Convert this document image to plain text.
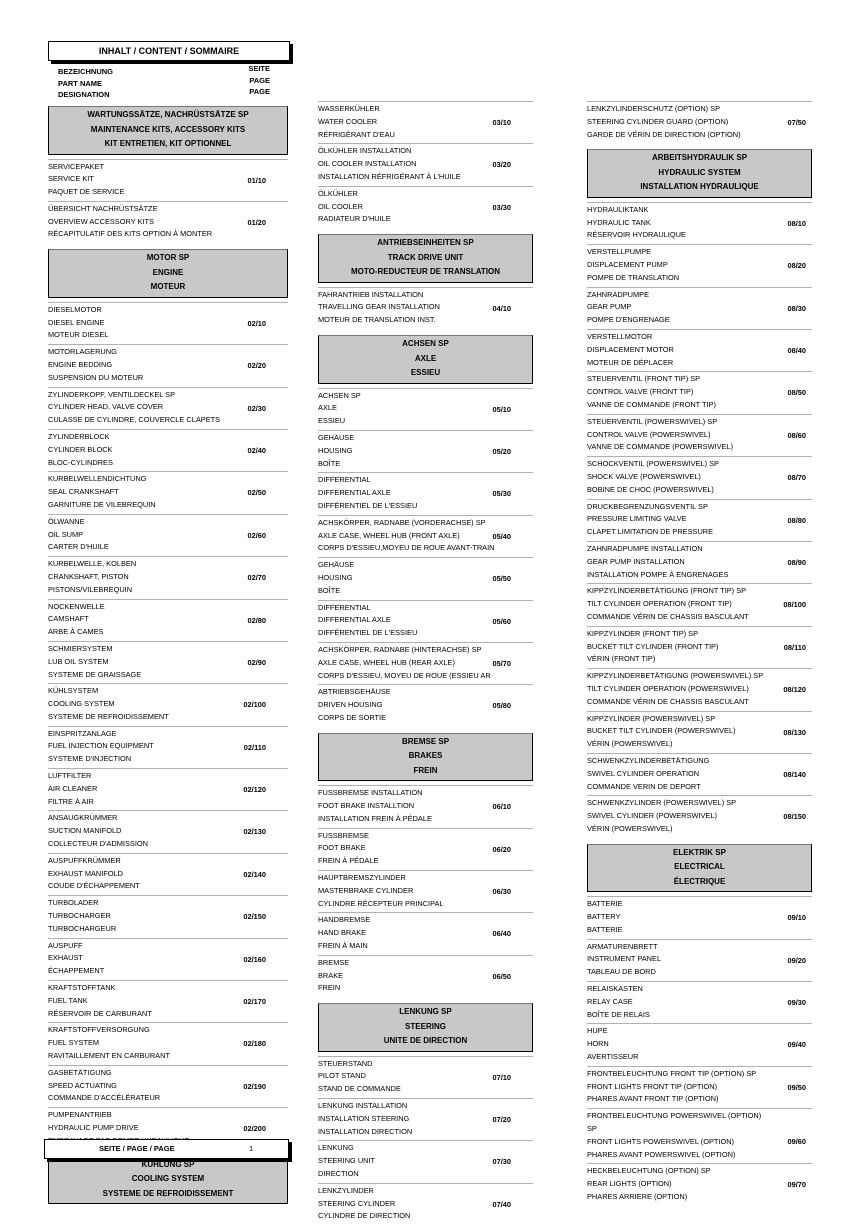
INHALT / CONTENT / SOMMAIRE
BEZEICHNUNG	SEITE
PART NAME	PAGE
DESIGNATION	PAGE
WARTUNGSSÄTZE, NACHRÜSTSÄTZE SP
MAINTENANCE KITS, ACCESSORY KITS
KIT ENTRETIEN, KIT OPTIONNEL
SERVICEPAKET
SERVICE KIT
PAQUET DE SERVICE
01/10
ÜBERSICHT NACHRÜSTSÄTZE
OVERVIEW ACCESSORY KITS
RÉCAPITULATIF DES KITS OPTION À MONTER
01/20
MOTOR SP
ENGINE
MOTEUR
DIESELMOTOR
DIESEL ENGINE
MOTEUR DIESEL
02/10
MOTORLAGERUNG
ENGINE BEDDING
SUSPENSION DU MOTEUR
02/20
ZYLINDERKOPF, VENTILDECKEL SP
CYLINDER HEAD, VALVE COVER
CULASSE DE CYLINDRE, COUVERCLE CLAPETS
02/30
ZYLINDERBLOCK
CYLINDER BLOCK
BLOC-CYLINDRES
02/40
KURBELWELLENDICHTUNG
SEAL CRANKSHAFT
GARNITURE DE VILEBREQUIN
02/50
ÖLWANNE
OIL SUMP
CARTER D'HUILE
02/60
KURBELWELLE, KOLBEN
CRANKSHAFT, PISTON
PISTONS/VILEBREQUIN
02/70
NOCKENWELLE
CAMSHAFT
ARBE À CAMES
02/80
SCHMIERSYSTEM
LUB OIL SYSTEM
SYSTEME DE GRAISSAGE
02/90
KÜHLSYSTEM
COOLING SYSTEM
SYSTEME DE REFROIDISSEMENT
02/100
EINSPRITZANLAGE
FUEL INJECTION EQUIPMENT
SYSTEME D'INJECTION
02/110
LUFTFILTER
AIR CLEANER
FILTRE À AIR
02/120
ANSAUGKRÜMMER
SUCTION MANIFOLD
COLLECTEUR D'ADMISSION
02/130
AUSPUFFKRÜMMER
EXHAUST MANIFOLD
COUDE D'ÉCHAPPEMENT
02/140
TURBOLADER
TURBOCHARGER
TURBOCHARGEUR
02/150
AUSPUFF
EXHAUST
ÉCHAPPEMENT
02/160
KRAFTSTOFFTANK
FUEL TANK
RÉSERVOIR DE CARBURANT
02/170
KRAFTSTOFFVERSORGUNG
FUEL SYSTEM
RAVITAILLEMENT EN CARBURANT
02/180
GASBETÄTIGUNG
SPEED ACTUATING
COMMANDE D'ACCÉLÉRATEUR
02/190
PUMPENANTRIEB
HYDRAULIC PUMP DRIVE	02/200
KÜHLUNG SP
COOLING SYSTEM
SYSTEME DE REFROIDISSEMENT
WASSERKÜHLER
WATER COOLER
RÉFRIGÉRANT D'EAU
03/10
ÖLKÜHLER INSTALLATION
OIL COOLER INSTALLATION
INSTALLATION RÉFRIGÉRANT À L'HUILE
03/20
ÖLKÜHLER
OIL COOLER
RADIATEUR D'HUILE
03/30
ANTRIEBSEINHEITEN SP
TRACK DRIVE UNIT
MOTO-REDUCTEUR DE TRANSLATION
FAHRANTRIEB INSTALLATION
TRAVELLING GEAR INSTALLATION
MOTEUR DE TRANSLATION INST.
04/10
ACHSEN SP
AXLE
ESSIEU
ACHSEN SP
AXLE
ESSIEU
05/10
GEHÄUSE
HOUSING
BOÎTE
05/20
DIFFERENTIAL
DIFFERENTIAL AXLE
DIFFÉRENTIEL DE L'ESSIEU
05/30
ACHSKÖRPER, RADNABE (VORDERACHSE) SP
AXLE CASE, WHEEL HUB (FRONT AXLE)
CORPS D'ESSIEU,MOYEU DE ROUE AVANT-TRAIN
05/40
GEHÄUSE
HOUSING
BOÎTE
05/50
DIFFERENTIAL
DIFFERENTIAL AXLE
DIFFÉRENTIEL DE L'ESSIEU
05/60
ACHSKÖRPER, RADNABE (HINTERACHSE) SP
AXLE CASE, WHEEL HUB (REAR AXLE)
CORPS D'ESSIEU, MOYEU DE ROUE (ESSIEU AR
05/70
ABTRIEBSGEHÄUSE
DRIVEN HOUSING
CORPS DE SORTIE
05/80
BREMSE SP
BRAKES
FREIN
FUSSBREMSE INSTALLATION
FOOT BRAKE INSTALLTION
INSTALLATION FREIN À PÉDALE
06/10
FUSSBREMSE
FOOT BRAKE
FREIN À PÉDALE
06/20
HAUPTBREMSZYLINDER
MASTERBRAKE CYLINDER
CYLINDRE RÉCEPTEUR PRINCIPAL
06/30
HANDBREMSE
HAND BRAKE
FREIN À MAIN
06/40
BREMSE
BRAKE
FREIN
06/50
LENKUNG SP
STEERING
UNITE DE DIRECTION
STEUERSTAND
PILOT STAND
STAND DE COMMANDE
07/10
LENKUNG INSTALLATION
INSTALLATION STEERING
INSTALLATION DIRECTION
07/20
LENKUNG
STEERING UNIT
DIRECTION
07/30
LENKZYLINDER
STEERING CYLINDER
CYLINDRE DE DIRECTION
07/40
LENKZYLINDERSCHUTZ (OPTION) SP
STEERING CYLINDER GUARD (OPTION)
GARDE DE VÉRIN DE DIRECTION (OPTION)
07/50
ARBEITSHYDRAULIK SP
HYDRAULIC SYSTEM
INSTALLATION HYDRAULIQUE
HYDRAULIKTANK
HYDRAULIC TANK
RÉSERVOIR HYDRAULIQUE
08/10
VERSTELLPUMPE
DISPLACEMENT PUMP
POMPE DE TRANSLATION
08/20
ZAHNRADPUMPE
GEAR PUMP
POMPE D'ENGRENAGE
08/30
VERSTELLMOTOR
DISPLACEMENT MOTOR
MOTEUR DE DÉPLACER
08/40
STEUERVENTIL (FRONT TIP) SP
CONTROL VALVE (FRONT TIP)
VANNE DE COMMANDE (FRONT TIP)
08/50
STEUERVENTIL (POWERSWIVEL) SP
CONTROL VALVE (POWERSWIVEL)
VANNE DE COMMANDE (POWERSWIVEL)
08/60
SCHOCKVENTIL (POWERSWIVEL) SP
SHOCK VALVE (POWERSWIVEL)
BOBINE DE CHOC (POWERSWIVEL)
08/70
DRUCKBEGRENZUNGSVENTIL SP
PRESSURE LIMITING VALVE
CLAPET LIMITATION DE PRESSURE
08/80
ZAHNRADPUMPE INSTALLATION
GEAR PUMP INSTALLATION
INSTALLATION POMPE À ENGRENAGES
08/90
KIPPZYLINDERBETÄTIGUNG (FRONT TIP) SP
TILT CYLINDER OPERATION (FRONT TIP)
COMMANDE VÉRIN DE CHASSIS BASCULANT
08/100
KIPPZYLINDER (FRONT TIP) SP
BUCKET TILT CYLINDER (FRONT TIP)
VÉRIN (FRONT TIP)
08/110
KIPPZYLINDERBETÄTIGUNG (POWERSWIVEL) SP
TILT CYLINDER OPERATION (POWERSWIVEL)
COMMANDE VÉRIN DE CHASSIS BASCULANT
08/120
KIPPZYLINDER (POWERSWIVEL) SP
BUCKET TILT CYLINDER (POWERSWIVEL)
VÉRIN (POWERSWIVEL)
08/130
SCHWENKZYLINDERBETÄTIGUNG
SWIVEL CYLINDER OPERATION
COMMANDE VERIN DE DEPORT
08/140
SCHWENKZYLINDER (POWERSWIVEL) SP
SWIVEL CYLINDER (POWERSWIVEL)
VÉRIN (POWERSWIVEL)
08/150
ELEKTRIK SP
ELECTRICAL
ÉLECTRIQUE
BATTERIE
BATTERY
BATTERIE
09/10
ARMATURENBRETT
INSTRUMENT PANEL
TABLEAU DE BORD
09/20
RELAISKASTEN
RELAY CASE
BOÎTE DE RELAIS
09/30
HUPE
HORN
AVERTISSEUR
09/40
FRONTBELEUCHTUNG FRONT TIP (OPTION) SP
FRONT LIGHTS FRONT TIP (OPTION)
PHARES AVANT FRONT TIP (OPTION)
09/50
FRONTBELEUCHTUNG POWERSWIVEL (OPTION)
SP
FRONT LIGHTS POWERSWIVEL (OPTION)
PHARES AVANT POWERSWIVEL (OPTION)
09/60
HECKBELEUCHTUNG (OPTION) SP
REAR LIGHTS (OPTION)
PHARES ARRIERE (OPTION)
09/70
SEITE / PAGE / PAGE	1
